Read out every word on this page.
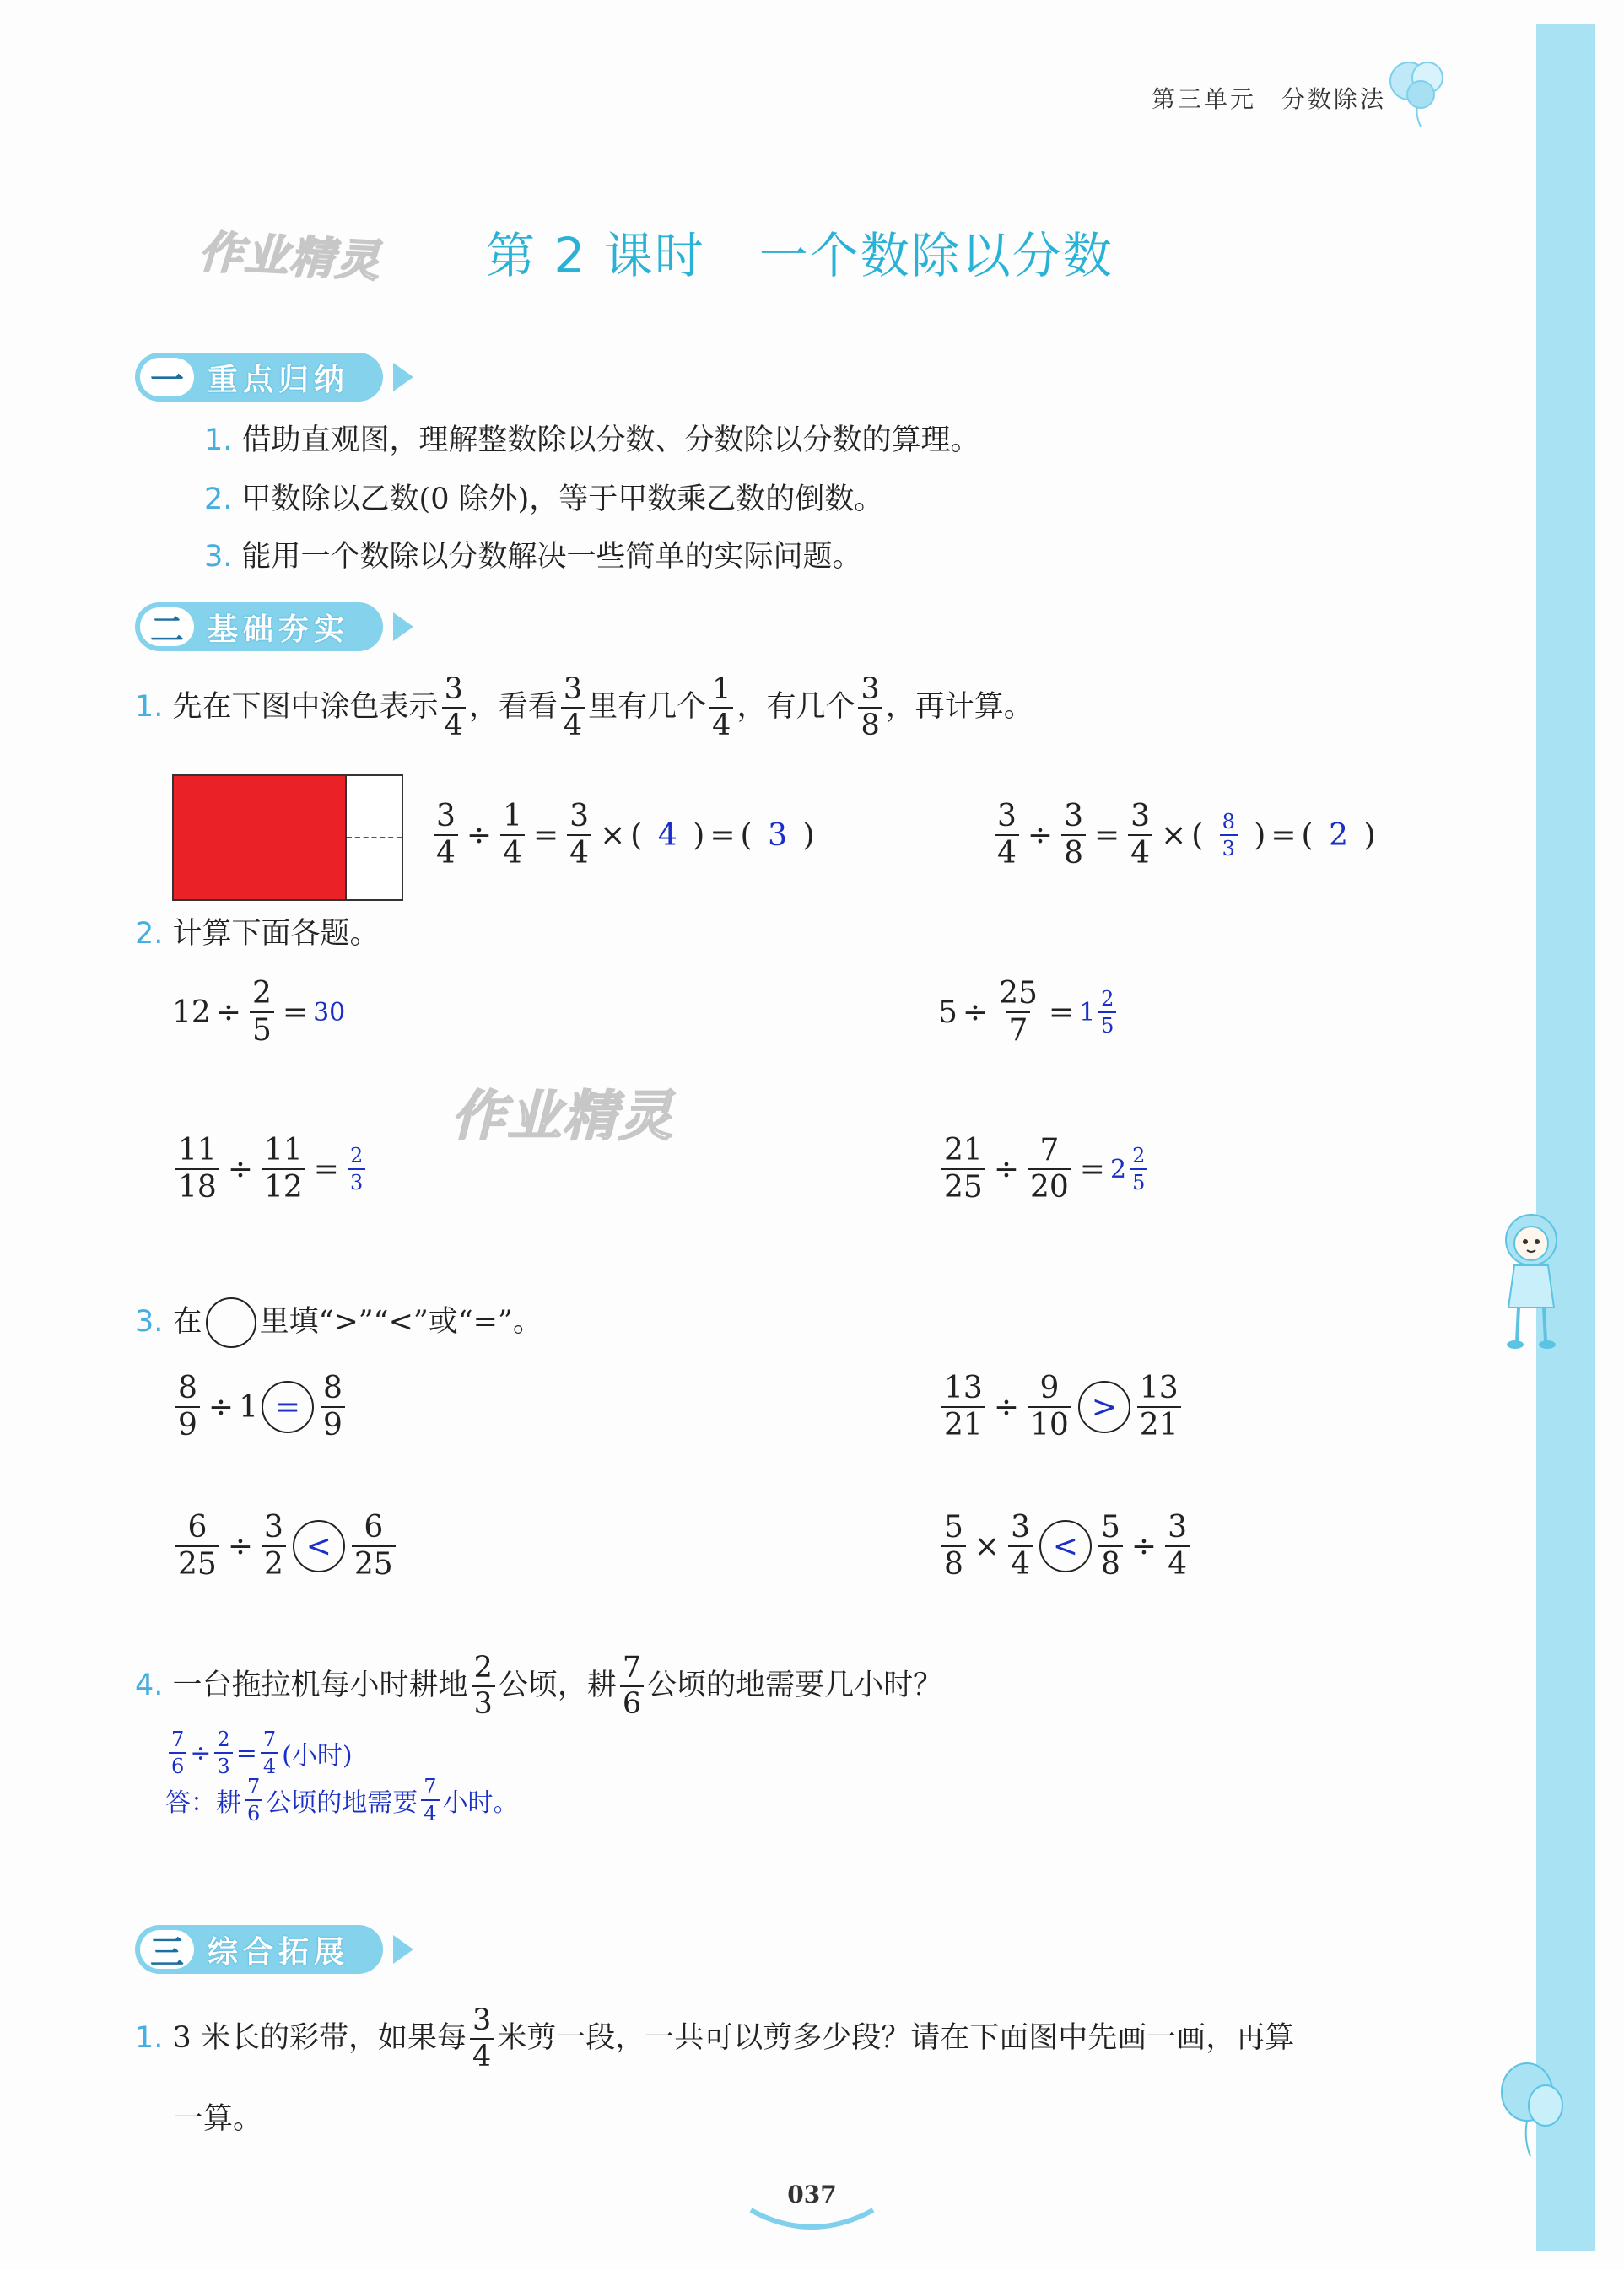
第三单元 分数除法
作业精灵 第 2 课时 一个数除以分数
一 重点归纳
1. 借助直观图，理解整数除以分数、分数除以分数的算理。
2. 甲数除以乙数(0 除外)，等于甲数乘乙数的倒数。
3. 能用一个数除以分数解决一些简单的实际问题。
二 基础夯实
1.
先在下图中涂色表示 $\frac{3}{4}$ ，看看 $\frac{3}{4}$ 里有几个 $\frac{1}{4}$ ，有几个 $\frac{3}{8}$ ，再计算。
$\frac{3}{4} \div \frac{1}{4} = \frac{3}{4}$ × ( 4 ) = ( 3 )	$\frac{3}{4} \div \frac{3}{8} = \frac{3}{4}$ × ( $\frac{8}{3}$ ) = ( 2 )
2. 计算下面各题。
$12 \div \frac{2}{5} = 30$	$5 \div \frac{25}{7} = 1 \frac{2}{5}$
作业精灵
$\frac{11}{18} \div \frac{11}{12} = \frac{2}{3}$	$\frac{21}{25} \div \frac{7}{20} = 2 \frac{2}{5}$
3.
在 里填“>”“<”或“=”。
$\frac{8}{9} \div 1 = \frac{8}{9}$	$\frac{13}{21} \div \frac{9}{10} > \frac{13}{21}$
$\frac{6}{25} \div \frac{3}{2} < \frac{6}{25}$	$\frac{5}{8} \times \frac{3}{4} < \frac{5}{8} \div \frac{3}{4}$
4.
一台拖拉机每小时耕地 $\frac{2}{3}$ 公顷，耕 $\frac{7}{6}$ 公顷的地需要几小时？
$\frac{7}{6} \div \frac{2}{3} = \frac{7}{4}$ (小时)
答：耕 $\frac{7}{6}$ 公顷的地需要 $\frac{7}{4}$ 小时。
三 综合拓展
1.
3 米长的彩带，如果每 $\frac{3}{4}$ 米剪一段，一共可以剪多少段？请在下面图中先画一画，再算
一算。
037
